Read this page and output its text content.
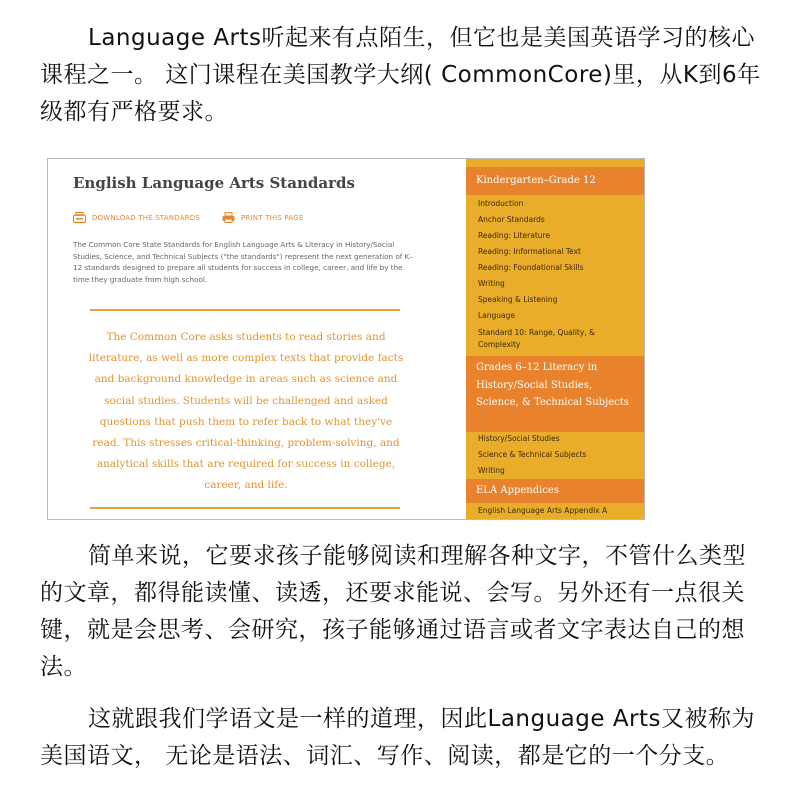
Language Arts听起来有点陌生，但它也是美国英语学习的核心课程之一。 这门课程在美国教学大纲( CommonCore)里，从K到6年级都有严格要求。

English Language Arts Standards
DOWNLOAD THE STANDARDS	PRINT THIS PAGE

The Common Core State Standards for English Language Arts & Literacy in History/Social Studies, Science, and Technical Subjects ("the standards") represent the next generation of K–12 standards designed to prepare all students for success in college, career, and life by the time they graduate from high school.

The Common Core asks students to read stories and literature, as well as more complex texts that provide facts and background knowledge in areas such as science and social studies. Students will be challenged and asked questions that push them to refer back to what they've read. This stresses critical-thinking, problem-solving, and analytical skills that are required for success in college, career, and life.

Kindergarten–Grade 12
Introduction
Anchor Standards
Reading: Literature
Reading: Informational Text
Reading: Foundational Skills
Writing
Speaking & Listening
Language
Standard 10: Range, Quality, & Complexity
Grades 6–12 Literacy in History/Social Studies, Science, & Technical Subjects
History/Social Studies
Science & Technical Subjects
Writing
ELA Appendices
English Language Arts Appendix A

简单来说，它要求孩子能够阅读和理解各种文字，不管什么类型的文章，都得能读懂、读透，还要求能说、会写。另外还有一点很关键，就是会思考、会研究，孩子能够通过语言或者文字表达自己的想法。

这就跟我们学语文是一样的道理，因此Language Arts又被称为美国语文， 无论是语法、词汇、写作、阅读，都是它的一个分支。
